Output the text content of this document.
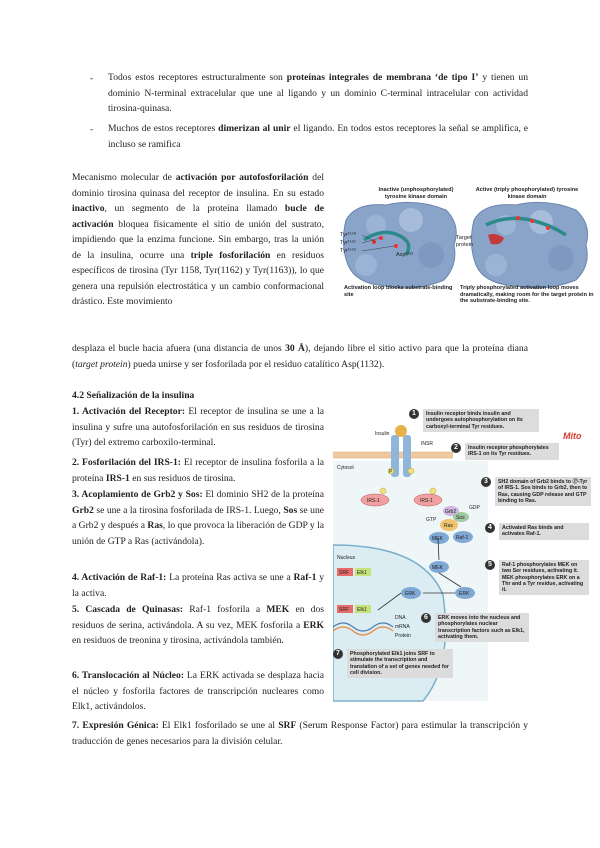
- Todos estos receptores estructuralmente son proteínas integrales de membrana ‘de tipo I’ y tienen un dominio N-terminal extracelular que une al ligando y un dominio C-terminal intracelular con actividad tirosina-quinasa.
- Muchos de estos receptores dimerizan al unir el ligando. En todos estos receptores la señal se amplifica, e incluso se ramifica
Mecanismo molecular de activación por autofosforilación del dominio tirosina quinasa del receptor de insulina. En su estado inactivo, un segmento de la proteína llamado bucle de activación bloquea físicamente el sitio de unión del sustrato, impidiendo que la enzima funcione. Sin embargo, tras la unión de la insulina, ocurre una triple fosforilación en residuos específicos de tirosina (Tyr 1158, Tyr(1162) y Tyr(1163)), lo que genera una repulsión electrostática y un cambio conformacional drástico. Este movimiento
desplaza el bucle hacia afuera (una distancia de unos 30 Å), dejando libre el sitio activo para que la proteína diana (target protein) pueda unirse y ser fosforilada por el residuo catalítico Asp(1132).
Inactive (unphosphorylated) tyrosine kinase domain
Active (triply phosphorylated) tyrosine kinase domain
Tyr¹¹⁵⁸
Tyr¹¹⁶²
Tyr¹¹⁶³
Asp¹¹³²
Target protein
Activation loop blocks substrate-binding site
Triply phosphorylated activation loop moves dramatically, making room for the target protein in the substrate-binding site.
4.2 Señalización de la insulina
1. Activación del Receptor: El receptor de insulina se une a la insulina y sufre una autofosforilación en sus residuos de tirosina (Tyr) del extremo carboxilo-terminal.
2. Fosforilación del IRS-1: El receptor de insulina fosforila a la proteína IRS-1 en sus residuos de tirosina.
3. Acoplamiento de Grb2 y Sos: El dominio SH2 de la proteína Grb2 se une a la tirosina fosforilada de IRS-1. Luego, Sos se une a Grb2 y después a Ras, lo que provoca la liberación de GDP y la unión de GTP a Ras (activándola).
4. Activación de Raf-1: La proteína Ras activa se une a Raf-1 y la activa.
5. Cascada de Quinasas: Raf-1 fosforila a MEK en dos residuos de serina, activándola. A su vez, MEK fosforila a ERK en residuos de treonina y tirosina, activándola también.
6. Translocación al Núcleo: La ERK activada se desplaza hacia el núcleo y fosforila factores de transcripción nucleares como Elk1, activándolos.
7. Expresión Génica: El Elk1 fosforilado se une al SRF (Serum Response Factor) para estimular la transcripción y traducción de genes necesarios para la división celular.
Mito
Insulin
INSR
Cytosol
IRS-1	IRS-1
Grb2
Sos
Ras
GDP
GTP
Raf-1
MEK
MEK
ERK
ERK
Nucleus
SRF Elk1
SRF Elk1
DNA
mRNA
Protein
P
1	Insulin receptor binds insulin and undergoes autophosphorylation on its carboxyl-terminal Tyr residues.
2	Insulin receptor phosphorylates IRS-1 on its Tyr residues.
3	SH2 domain of Grb2 binds to Ⓟ-Tyr of IRS-1. Sos binds to Grb2, then to Ras, causing GDP release and GTP binding to Ras.
4	Activated Ras binds and activates Raf-1.
5	Raf-1 phosphorylates MEK on two Ser residues, activating it. MEK phosphorylates ERK on a Thr and a Tyr residue, activating it.
6	ERK moves into the nucleus and phosphorylates nuclear transcription factors such as Elk1, activating them.
7	Phosphorylated Elk1 joins SRF to stimulate the transcription and translation of a set of genes needed for cell division.
